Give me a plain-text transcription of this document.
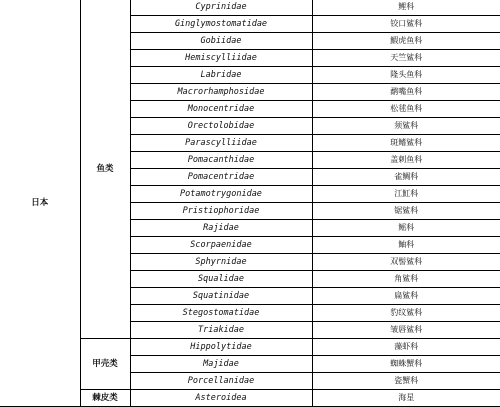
日本	鱼类	Cyprinidae	鲤科
		Ginglymostomatidae	铰口鲨科
		Gobiidae	鰕虎鱼科
		Hemiscylliidae	天竺鲨科
		Labridae	隆头鱼科
		Macrorhamphosidae	鹬嘴鱼科
		Monocentridae	松毬鱼科
		Orectolobidae	须鲨科
		Parascylliidae	斑鳍鲨科
		Pomacanthidae	盖刺鱼科
		Pomacentridae	雀鲷科
		Potamotrygonidae	江魟科
		Pristiophoridae	锯鲨科
		Rajidae	鳐科
		Scorpaenidae	鲉科
		Sphyrnidae	双髻鲨科
		Squalidae	角鲨科
		Squatinidae	扁鲨科
		Stegostomatidae	豹纹鲨科
		Triakidae	皱唇鲨科
	甲壳类	Hippolytidae	藻虾科
		Majidae	蜘蛛蟹科
		Porcellanidae	瓷蟹科
	棘皮类	Asteroidea	海星
